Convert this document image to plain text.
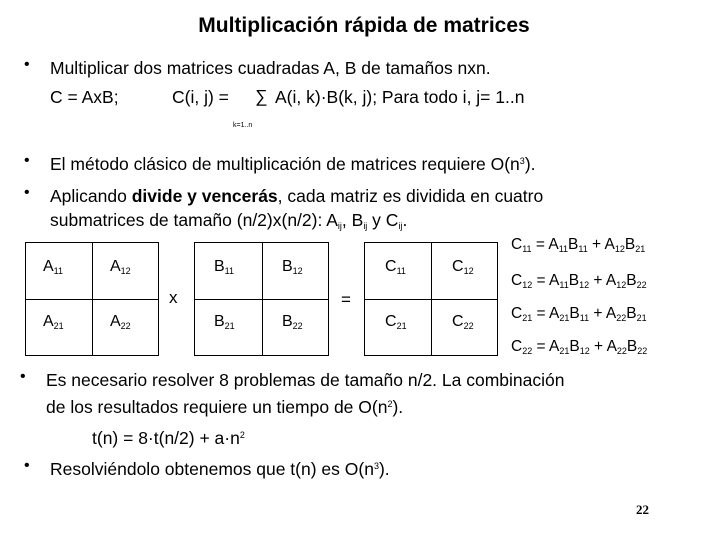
Multiplicación rápida de matrices
• Multiplicar dos matrices cuadradas A, B de tamaños nxn.
C = AxB;	C(i, j) = ∑ A(i, k)·B(k, j); Para todo i, j= 1..n
k=1..n
• El método clásico de multiplicación de matrices requiere $O(n^3)$.
• Aplicando divide y vencerás, cada matriz es dividida en cuatro
submatrices de tamaño (n/2)x(n/2): $A_{ij}$, $B_{ij}$ y $C_{ij}$.
$A_{11}$	$A_{12}$
$A_{21}$	$A_{22}$
x
$B_{11}$	$B_{12}$
$B_{21}$	$B_{22}$
=
$C_{11}$	$C_{12}$
$C_{21}$	$C_{22}$
$C_{11} = A_{11}B_{11} + A_{12}B_{21}$
$C_{12} = A_{11}B_{12} + A_{12}B_{22}$
$C_{21} = A_{21}B_{11} + A_{22}B_{21}$
$C_{22} = A_{21}B_{12} + A_{22}B_{22}$
• Es necesario resolver 8 problemas de tamaño n/2. La combinación
de los resultados requiere un tiempo de $O(n^2)$.
$t(n) = 8\cdot t(n/2) + a\cdot n^2$
• Resolviéndolo obtenemos que t(n) es $O(n^3)$.
22
